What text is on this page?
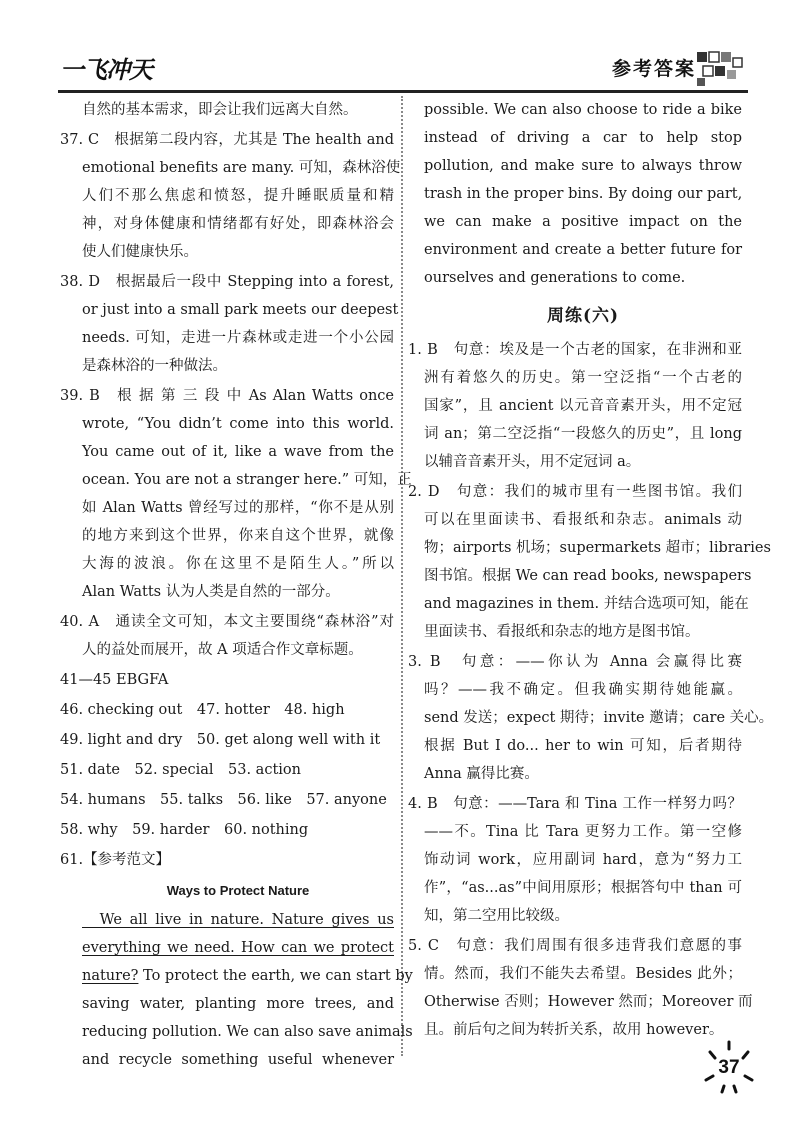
一飞冲天	参考答案
自然的基本需求，即会让我们远离大自然。
37. C　根据第二段内容，尤其是 The health and
emotional benefits are many. 可知，森林浴使
人们不那么焦虑和愤怒，提升睡眠质量和精
神，对身体健康和情绪都有好处，即森林浴会
使人们健康快乐。
38. D　根据最后一段中 Stepping into a forest,
or just into a small park meets our deepest
needs. 可知，走进一片森林或走进一个小公园
是森林浴的一种做法。
39. B　根 据 第 三 段 中 As Alan Watts once
wrote, “You didn’t come into this world.
You came out of it, like a wave from the
ocean. You are not a stranger here.” 可知，正
如 Alan Watts 曾经写过的那样，“你不是从别
的地方来到这个世界，你来自这个世界，就像
大海的波浪。你在这里不是陌生人。”所以
Alan Watts 认为人类是自然的一部分。
40. A　通读全文可知，本文主要围绕“森林浴”对
人的益处而展开，故 A 项适合作文章标题。
41—45 EBGFA
46. checking out　47. hotter　48. high
49. light and dry　50. get along well with it
51. date　52. special　53. action
54. humans　55. talks　56. like　57. anyone
58. why　59. harder　60. nothing
61.【参考范文】
Ways to Protect Nature
　We all live in nature. Nature gives us
everything we need. How can we protect
nature? To protect the earth, we can start by
saving water, planting more trees, and
reducing pollution. We can also save animals
and recycle something useful whenever
possible. We can also choose to ride a bike
instead of driving a car to help stop
pollution, and make sure to always throw
trash in the proper bins. By doing our part,
we can make a positive impact on the
environment and create a better future for
ourselves and generations to come.
周练(六)
1. B　句意：埃及是一个古老的国家，在非洲和亚
洲有着悠久的历史。第一空泛指“一个古老的
国家”，且 ancient 以元音音素开头，用不定冠
词 an；第二空泛指“一段悠久的历史”，且 long
以辅音音素开头，用不定冠词 a。
2. D　句意：我们的城市里有一些图书馆。我们
可以在里面读书、看报纸和杂志。animals 动
物；airports 机场；supermarkets 超市；libraries
图书馆。根据 We can read books, newspapers
and magazines in them. 并结合选项可知，能在
里面读书、看报纸和杂志的地方是图书馆。
3. B　句意：——你认为 Anna 会赢得比赛
吗？——我不确定。但我确实期待她能赢。
send 发送；expect 期待；invite 邀请；care 关心。
根据 But I do... her to win 可知，后者期待
Anna 赢得比赛。
4. B　句意：——Tara 和 Tina 工作一样努力吗？
——不。Tina 比 Tara 更努力工作。第一空修
饰动词 work，应用副词 hard，意为“努力工
作”，“as...as”中间用原形；根据答句中 than 可
知，第二空用比较级。
5. C　句意：我们周围有很多违背我们意愿的事
情。然而，我们不能失去希望。Besides 此外；
Otherwise 否则；However 然而；Moreover 而
且。前后句之间为转折关系，故用 however。
37
